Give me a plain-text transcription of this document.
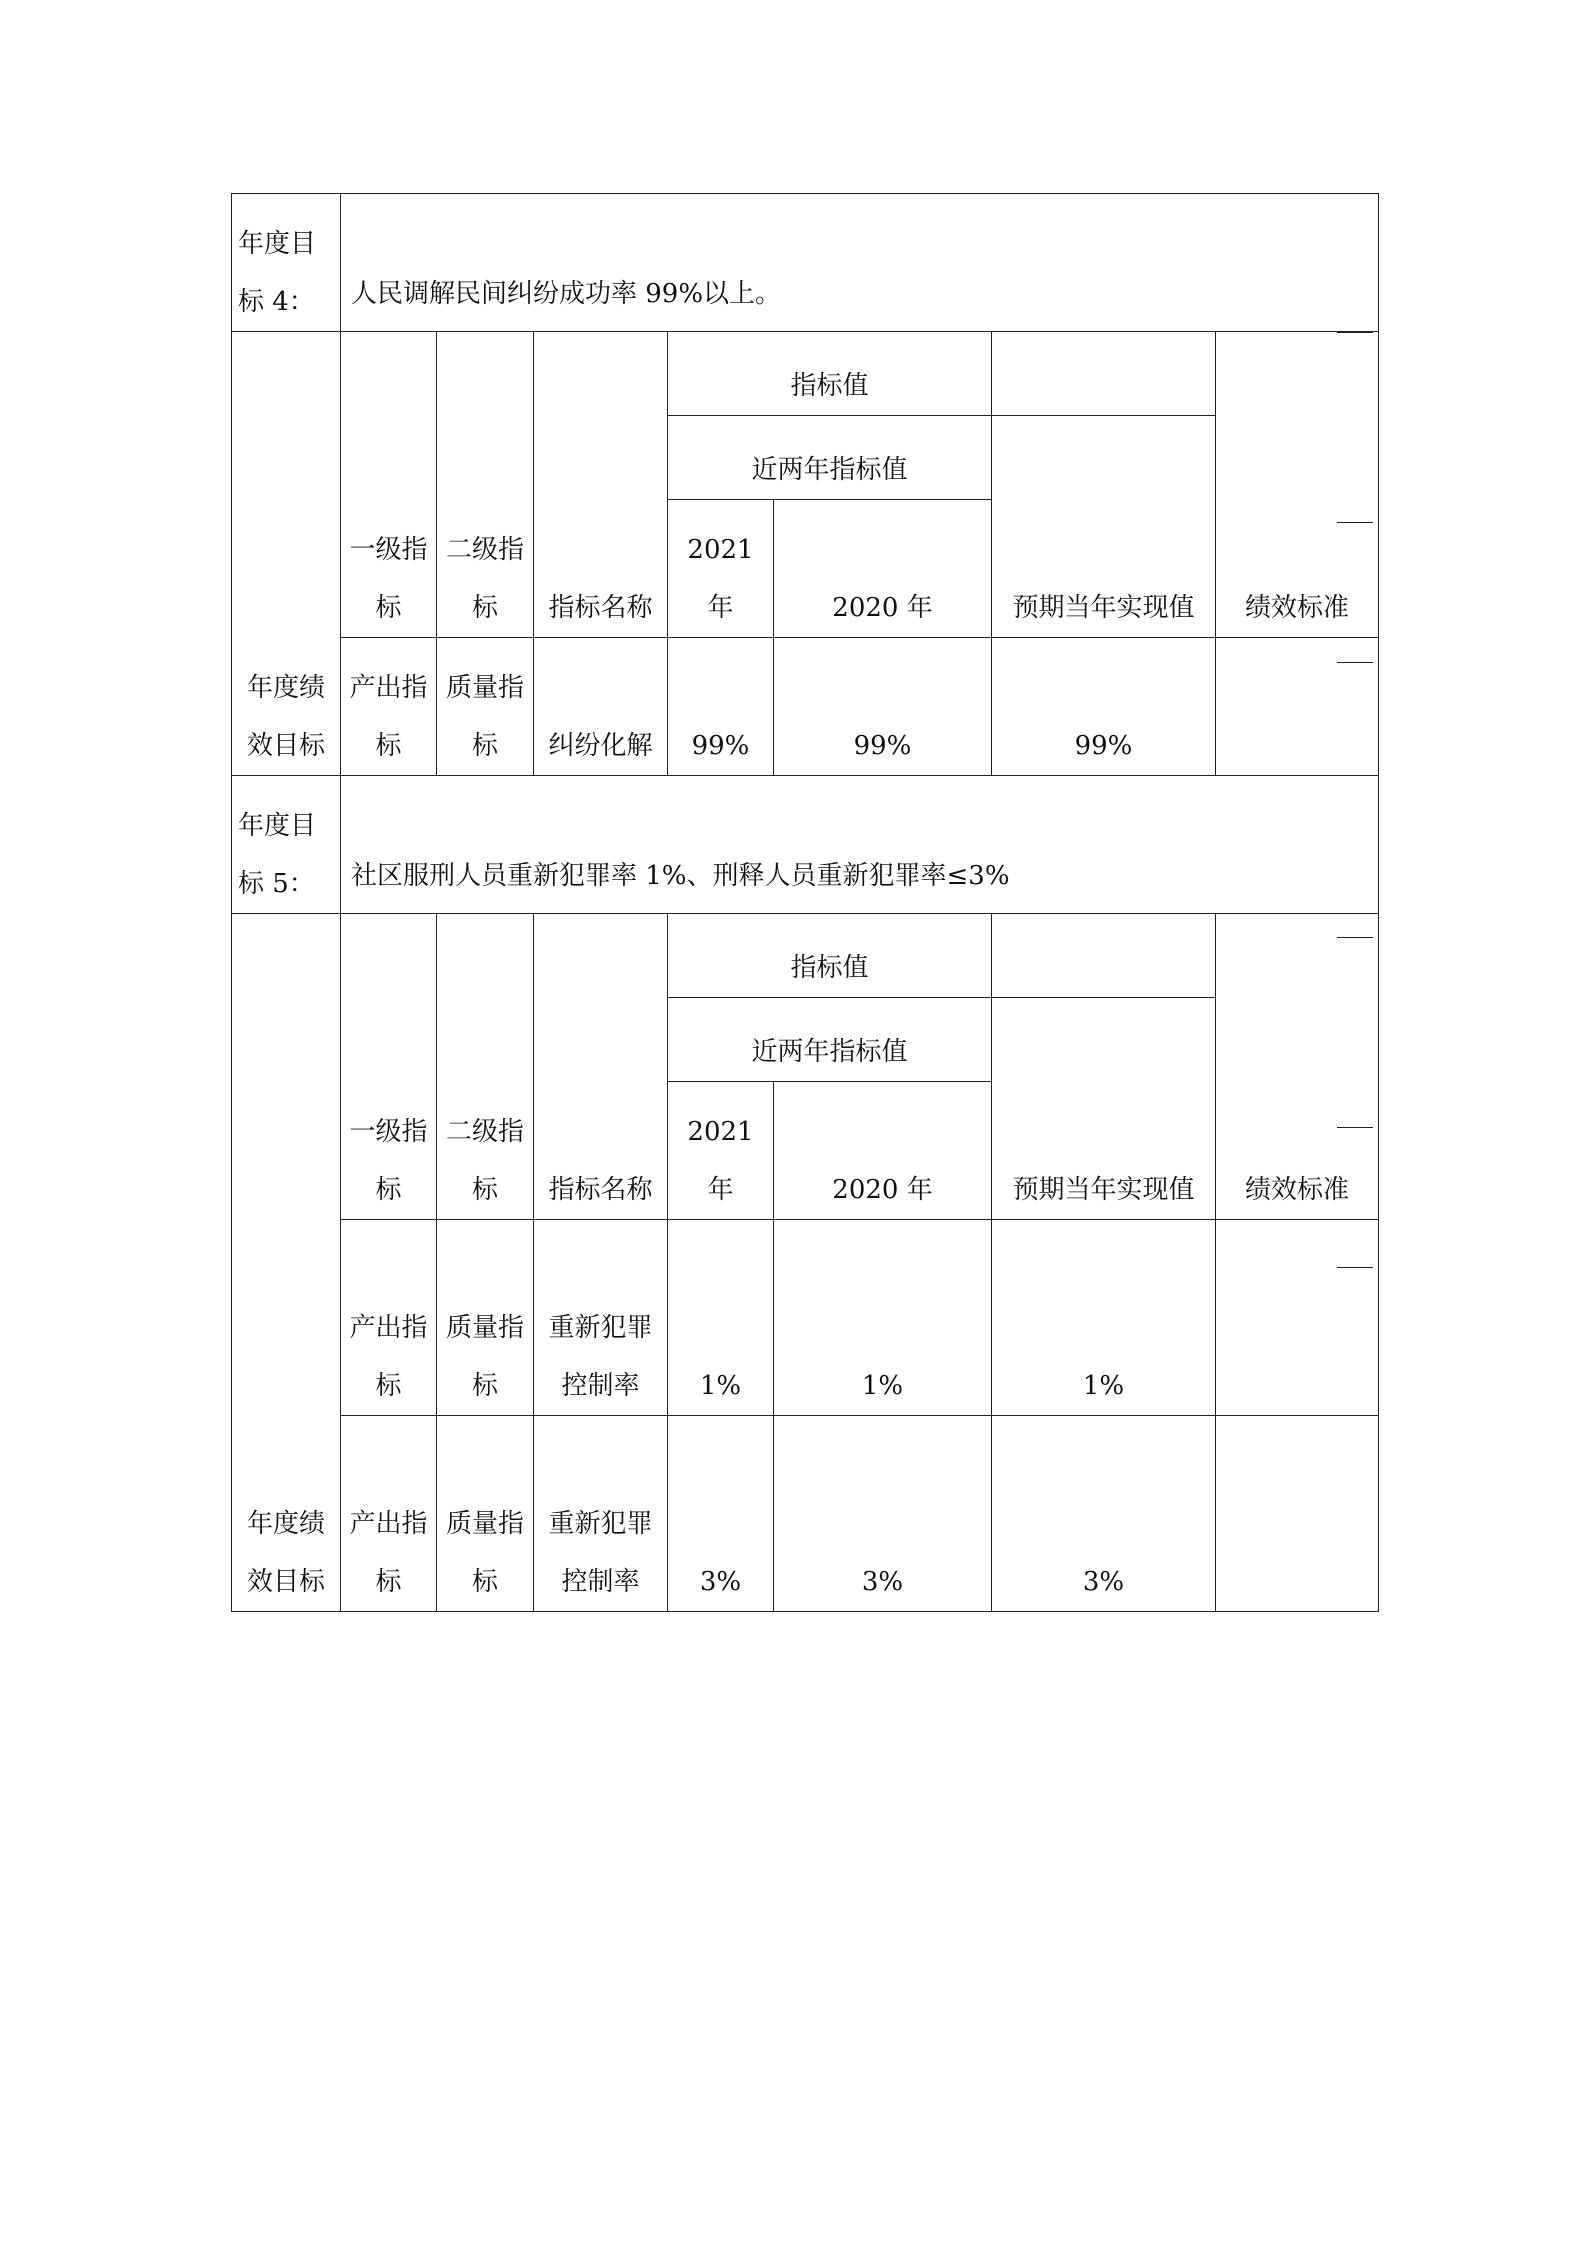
年度目标 4：	人民调解民间纠纷成功率 99%以上。						
年度绩效目标	一级指标	二级指标	指标名称	指标值			绩效标准
				近两年指标值		预期当年实现值	
				2021 年	2020 年		
	产出指标	质量指标	纠纷化解	99%	99%	99%	
年度目标 5：	社区服刑人员重新犯罪率 1%、刑释人员重新犯罪率≤3%						
年度绩效目标	一级指标	二级指标	指标名称	指标值			绩效标准
				近两年指标值		预期当年实现值	
				2021 年	2020 年		
	产出指标	质量指标	重新犯罪控制率	1%	1%	1%	
	产出指标	质量指标	重新犯罪控制率	3%	3%	3%	
